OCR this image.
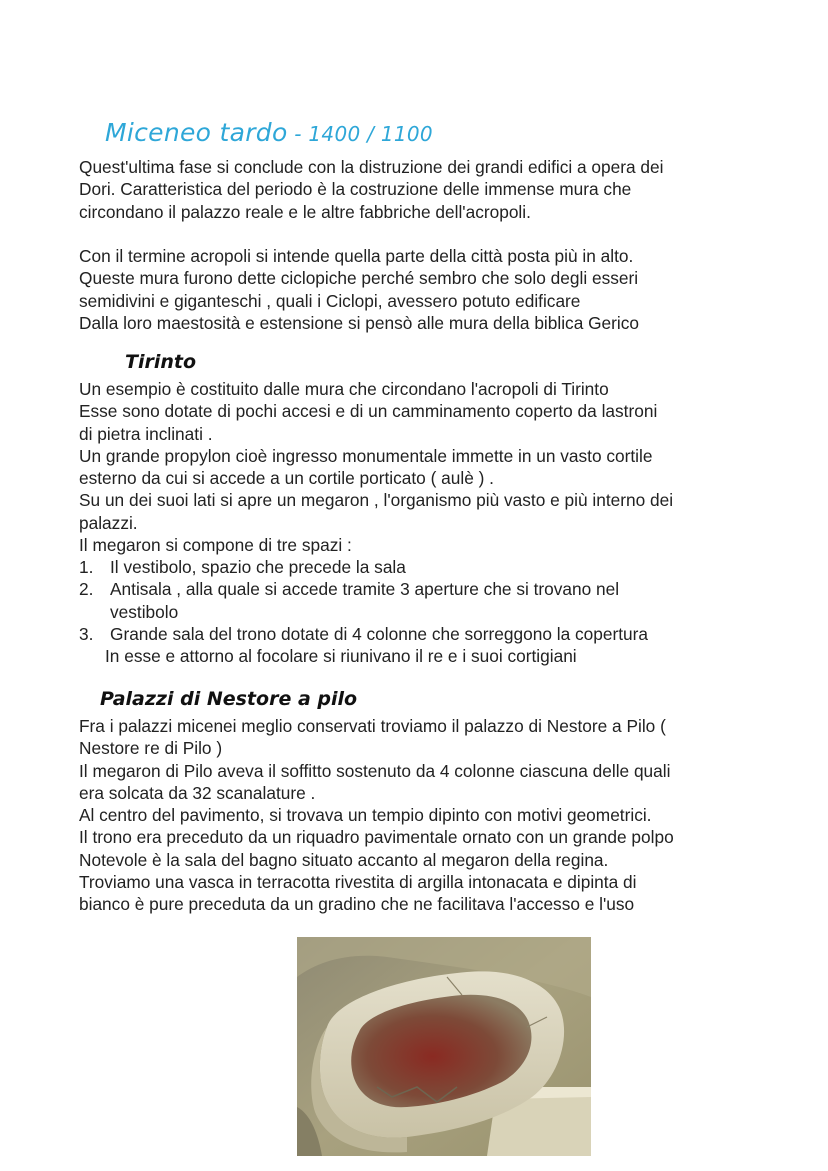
Miceneo tardo - 1400 / 1100
Quest'ultima fase si conclude con la distruzione dei grandi edifici a opera dei
Dori. Caratteristica del periodo è la costruzione delle immense mura che
circondano il palazzo reale e le altre fabbriche dell'acropoli.
Con il termine acropoli si intende quella parte della città posta più in alto.
Queste mura furono dette ciclopiche perché sembro che solo degli esseri
semidivini e giganteschi , quali i Ciclopi, avessero potuto edificare
Dalla loro maestosità e estensione si pensò alle mura della biblica Gerico
Tirinto
Un esempio è costituito dalle mura che circondano l'acropoli di Tirinto
Esse sono dotate di pochi accesi e di un camminamento coperto da lastroni
di pietra inclinati .
Un grande propylon cioè ingresso monumentale immette in un vasto cortile
esterno da cui si accede a un cortile porticato ( aulè ) .
Su un dei suoi lati si apre un megaron , l'organismo più vasto e più interno dei
palazzi.
Il megaron si compone di tre spazi :
1. Il vestibolo, spazio che precede la sala
2. Antisala , alla quale si accede tramite 3 aperture che si trovano nel
vestibolo
3. Grande sala del trono dotate di 4 colonne che sorreggono la copertura
In esse e attorno al focolare si riunivano il re e i suoi cortigiani
Palazzi di Nestore a pilo
Fra i palazzi micenei meglio conservati troviamo il palazzo di Nestore a Pilo (
Nestore re di Pilo )
Il megaron di Pilo aveva il soffitto sostenuto da 4 colonne ciascuna delle quali
era solcata da 32 scanalature .
Al centro del pavimento, si trovava un tempio dipinto con motivi geometrici.
Il trono era preceduto da un riquadro pavimentale ornato con un grande polpo
Notevole è la sala del bagno situato accanto al megaron della regina.
Troviamo una vasca in terracotta rivestita di argilla intonacata e dipinta di
bianco è pure preceduta da un gradino che ne facilitava l'accesso e l'uso
